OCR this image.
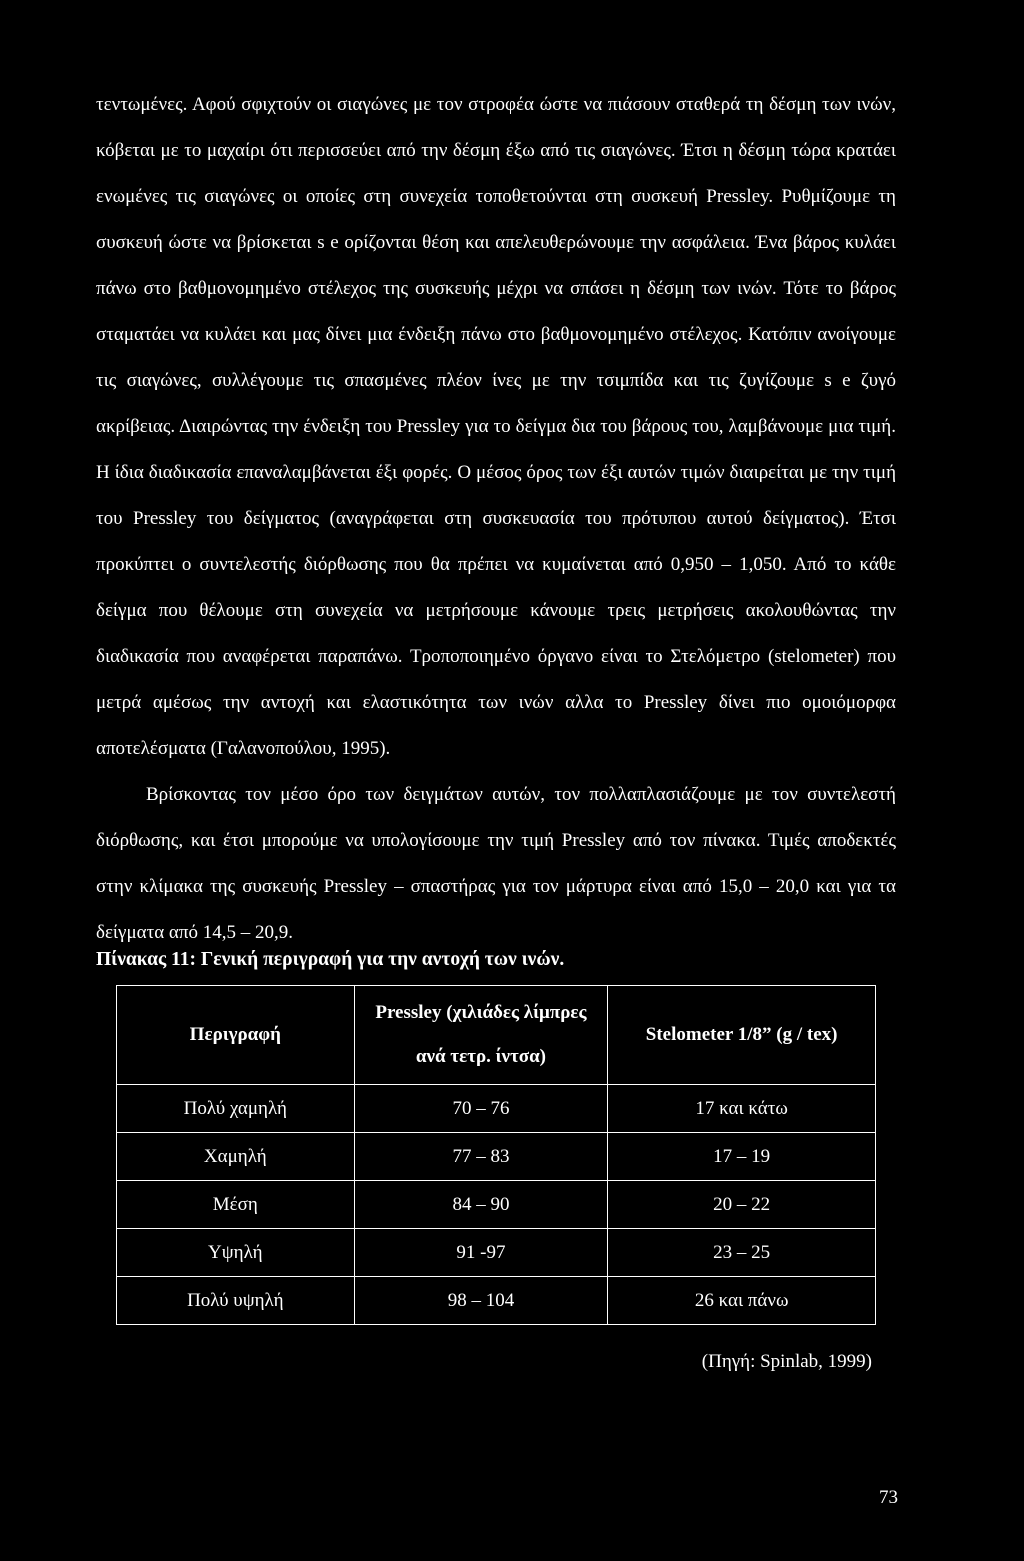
τεντωμένες. Αφού σφιχτούν οι σιαγώνες με τον στροφέα ώστε να πιάσουν σταθερά τη δέσμη των ινών, κόβεται με το μαχαίρι ότι περισσεύει από την δέσμη έξω από τις σιαγώνες. Έτσι η δέσμη τώρα κρατάει ενωμένες τις σιαγώνες οι οποίες στη συνεχεία τοποθετούνται στη συσκευή Pressley. Ρυθμίζουμε τη συσκευή ώστε να βρίσκεται s e ορίζονται θέση και απελευθερώνουμε την ασφάλεια. Ένα βάρος κυλάει πάνω στο βαθμονομημένο στέλεχος της συσκευής μέχρι να σπάσει η δέσμη των ινών. Τότε το βάρος σταματάει να κυλάει και μας δίνει μια ένδειξη πάνω στο βαθμονομημένο στέλεχος. Κατόπιν ανοίγουμε τις σιαγώνες, συλλέγουμε τις σπασμένες πλέον ίνες με την τσιμπίδα και τις ζυγίζουμε s e ζυγό ακρίβειας. Διαιρώντας την ένδειξη του Pressley για το δείγμα δια του βάρους του, λαμβάνουμε μια τιμή. Η ίδια διαδικασία επαναλαμβάνεται έξι φορές. Ο μέσος όρος των έξι αυτών τιμών διαιρείται με την τιμή του Pressley του δείγματος (αναγράφεται στη συσκευασία του πρότυπου αυτού δείγματος). Έτσι προκύπτει ο συντελεστής διόρθωσης που θα πρέπει να κυμαίνεται από 0,950 – 1,050. Από το κάθε δείγμα που θέλουμε στη συνεχεία να μετρήσουμε κάνουμε τρεις μετρήσεις ακολουθώντας την διαδικασία που αναφέρεται παραπάνω. Τροποποιημένο όργανο είναι το Στελόμετρο (stelometer) που μετρά αμέσως την αντοχή και ελαστικότητα των ινών αλλα το Pressley δίνει πιο ομοιόμορφα αποτελέσματα (Γαλανοπούλου, 1995).

Βρίσκοντας τον μέσο όρο των δειγμάτων αυτών, τον πολλαπλασιάζουμε με τον συντελεστή διόρθωσης, και έτσι μπορούμε να υπολογίσουμε την τιμή Pressley από τον πίνακα. Τιμές αποδεκτές στην κλίμακα της συσκευής Pressley – σπαστήρας για τον μάρτυρα είναι από 15,0 – 20,0 και για τα δείγματα από 14,5 – 20,9.

Πίνακας 11: Γενική περιγραφή για την αντοχή των ινών.
Περιγραφή	Pressley (χιλιάδες λίμπρες ανά τετρ. ίντσα)	Stelometer 1/8” (g / tex)
Πολύ χαμηλή	70 – 76	17 και κάτω
Χαμηλή	77 – 83	17 – 19
Μέση	84 – 90	20 – 22
Υψηλή	91 -97	23 – 25
Πολύ υψηλή	98 – 104	26 και πάνω
(Πηγή: Spinlab, 1999)
73
